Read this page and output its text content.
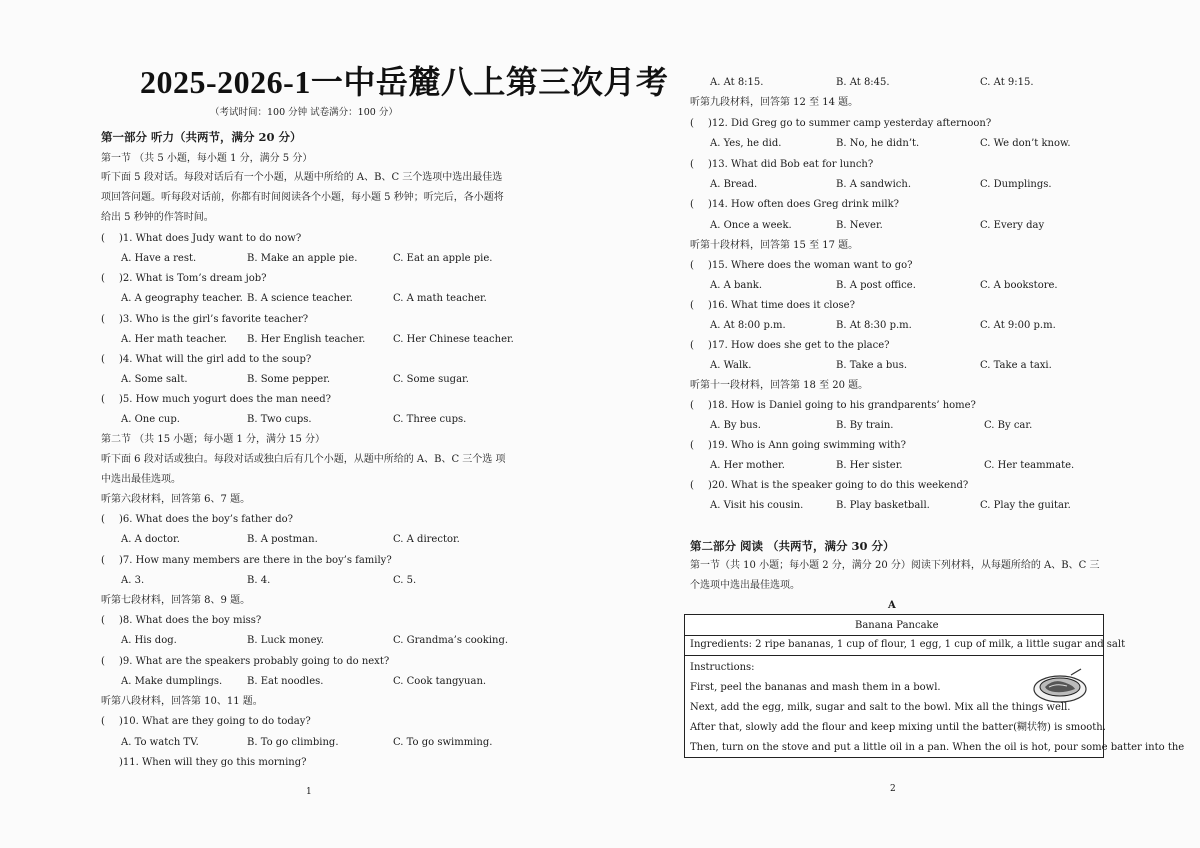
2025-2026-1一中岳麓八上第三次月考
（考试时间：100 分钟 试卷满分：100 分）
第一部分 听力（共两节，满分 20 分）
第一节 （共 5 小题，每小题 1 分，满分 5 分）
听下面 5 段对话。每段对话后有一个小题，从题中所给的 A、B、C 三个选项中选出最佳选
项回答问题。听每段对话前，你都有时间阅读各个小题，每小题 5 秒钟；听完后，各小题将
给出 5 秒钟的作答时间。
( )1. What does Judy want to do now?
A. Have a rest.	B. Make an apple pie.	C. Eat an apple pie.
( )2. What is Tom’s dream job?
A. A geography teacher. B. A science teacher.	C. A math teacher.
( )3. Who is the girl’s favorite teacher?
A. Her math teacher. B. Her English teacher.	C. Her Chinese teacher.
( )4. What will the girl add to the soup?
A. Some salt.	B. Some pepper.	C. Some sugar.
( )5. How much yogurt does the man need?
A. One cup.	B. Two cups.	C. Three cups.
第二节 （共 15 小题；每小题 1 分，满分 15 分）
听下面 6 段对话或独白。每段对话或独白后有几个小题，从题中所给的 A、B、C 三个选 项
中选出最佳选项。
听第六段材料，回答第 6、7 题。
( )6. What does the boy’s father do?
A. A doctor.	B. A postman.	C. A director.
( )7. How many members are there in the boy’s family?
A. 3.	B. 4.	C. 5.
听第七段材料，回答第 8、9 题。
( )8. What does the boy miss?
A. His dog.	B. Luck money.	C. Grandma’s cooking.
( )9. What are the speakers probably going to do next?
A. Make dumplings. B. Eat noodles.	C. Cook tangyuan.
听第八段材料，回答第 10、11 题。
( )10. What are they going to do today?
A. To watch TV.	B. To go climbing.	C. To go swimming.
)11. When will they go this morning?
1
A. At 8:15.	B. At 8:45.	C. At 9:15.
听第九段材料，回答第 12 至 14 题。
( )12. Did Greg go to summer camp yesterday afternoon?
A. Yes, he did.	B. No, he didn’t.	C. We don’t know.
( )13. What did Bob eat for lunch?
A. Bread.	B. A sandwich.	C. Dumplings.
( )14. How often does Greg drink milk?
A. Once a week.	B. Never.	C. Every day
听第十段材料，回答第 15 至 17 题。
( )15. Where does the woman want to go?
A. A bank.	B. A post office.	C. A bookstore.
( )16. What time does it close?
A. At 8:00 p.m.	B. At 8:30 p.m.	C. At 9:00 p.m.
( )17. How does she get to the place?
A. Walk.	B. Take a bus.	C. Take a taxi.
听第十一段材料，回答第 18 至 20 题。
( )18. How is Daniel going to his grandparents’ home?
A. By bus.	B. By train.	C. By car.
( )19. Who is Ann going swimming with?
A. Her mother.	B. Her sister.	C. Her teammate.
( )20. What is the speaker going to do this weekend?
A. Visit his cousin.	B. Play basketball.	C. Play the guitar.
第二部分 阅读 （共两节，满分 30 分）
第一节（共 10 小题；每小题 2 分，满分 20 分）阅读下列材料，从每题所给的 A、B、C 三
个选项中选出最佳选项。
A
Banana Pancake
Ingredients: 2 ripe bananas, 1 cup of flour, 1 egg, 1 cup of milk, a little sugar and salt
Instructions:
First, peel the bananas and mash them in a bowl.
Next, add the egg, milk, sugar and salt to the bowl. Mix all the things well.
After that, slowly add the flour and keep mixing until the batter(糊状物) is smooth.
Then, turn on the stove and put a little oil in a pan. When the oil is hot, pour some batter into the
2
